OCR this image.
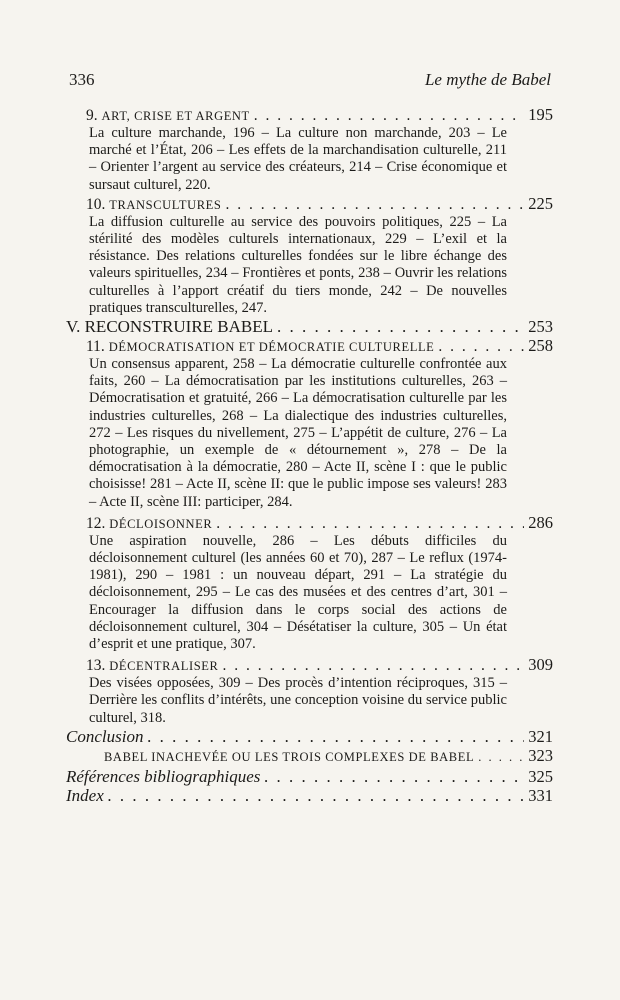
336	Le mythe de Babel
9. ART, CRISE ET ARGENT . . .	195
La culture marchande, 196 – La culture non marchande, 203 – Le marché et l’État, 206 – Les effets de la marchandisation culturelle, 211 – Orienter l’argent au service des créateurs, 214 – Crise économique et sursaut culturel, 220.
10. TRANSCULTURES . . .	225
La diffusion culturelle au service des pouvoirs politiques, 225 – La stérilité des modèles culturels internationaux, 229 – L’exil et la résistance. Des relations culturelles fondées sur le libre échange des valeurs spirituelles, 234 – Frontières et ponts, 238 – Ouvrir les relations culturelles à l’apport créatif du tiers monde, 242 – De nouvelles pratiques transculturelles, 247.
V. RECONSTRUIRE BABEL . . .	253
11. DÉMOCRATISATION ET DÉMOCRATIE CULTURELLE . . .	258
Un consensus apparent, 258 – La démocratie culturelle confrontée aux faits, 260 – La démocratisation par les institutions culturelles, 263 – Démocratisation et gratuité, 266 – La démocratisation culturelle par les industries culturelles, 268 – La dialectique des industries culturelles, 272 – Les risques du nivellement, 275 – L’appétit de culture, 276 – La photographie, un exemple de « détournement », 278 – De la démocratisation à la démocratie, 280 – Acte II, scène I : que le public choisisse! 281 – Acte II, scène II: que le public impose ses valeurs! 283 – Acte II, scène III: participer, 284.
12. DÉCLOISONNER . . .	286
Une aspiration nouvelle, 286 – Les débuts difficiles du décloisonnement culturel (les années 60 et 70), 287 – Le reflux (1974-1981), 290 – 1981 : un nouveau départ, 291 – La stratégie du décloisonnement, 295 – Le cas des musées et des centres d’art, 301 – Encourager la diffusion dans le corps social des actions de décloisonnement culturel, 304 – Désétatiser la culture, 305 – Un état d’esprit et une pratique, 307.
13. DÉCENTRALISER . . .	309
Des visées opposées, 309 – Des procès d’intention réciproques, 315 – Derrière les conflits d’intérêts, une conception voisine du service public culturel, 318.
Conclusion . . .	321
BABEL INACHEVÉE OU LES TROIS COMPLEXES DE BABEL . . .	323
Références bibliographiques . . .	325
Index . . .	331
